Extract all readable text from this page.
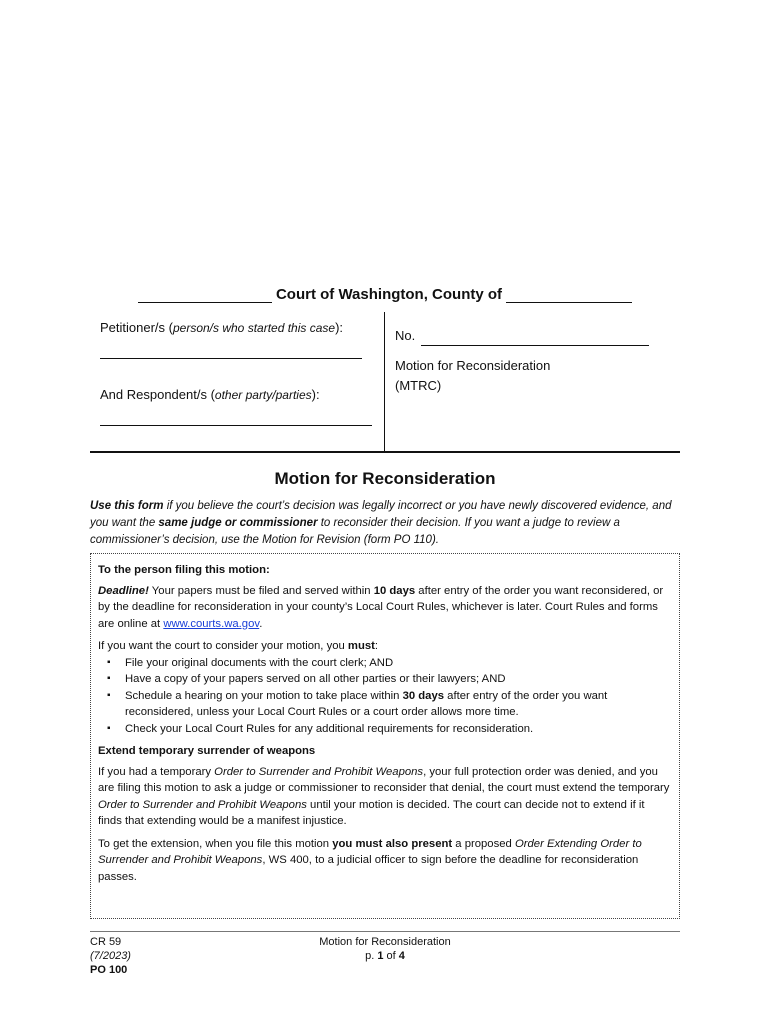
Court of Washington, County of
Petitioner/s (person/s who started this case):
And Respondent/s (other party/parties):
No.
Motion for Reconsideration
(MTRC)
Motion for Reconsideration
Use this form if you believe the court’s decision was legally incorrect or you have newly discovered evidence, and you want the same judge or commissioner to reconsider their decision. If you want a judge to review a commissioner’s decision, use the Motion for Revision (form PO 110).

To the person filing this motion:

Deadline! Your papers must be filed and served within 10 days after entry of the order you want reconsidered, or by the deadline for reconsideration in your county’s Local Court Rules, whichever is later. Court Rules and forms are online at www.courts.wa.gov.

If you want the court to consider your motion, you must:

▪ File your original documents with the court clerk; AND
▪ Have a copy of your papers served on all other parties or their lawyers; AND
▪ Schedule a hearing on your motion to take place within 30 days after entry of the order you want reconsidered, unless your Local Court Rules or a court order allows more time.
▪ Check your Local Court Rules for any additional requirements for reconsideration.

Extend temporary surrender of weapons

If you had a temporary Order to Surrender and Prohibit Weapons, your full protection order was denied, and you are filing this motion to ask a judge or commissioner to reconsider that denial, the court must extend the temporary Order to Surrender and Prohibit Weapons until your motion is decided. The court can decide not to extend if it finds that extending would be a manifest injustice.

To get the extension, when you file this motion you must also present a proposed Order Extending Order to Surrender and Prohibit Weapons, WS 400, to a judicial officer to sign before the deadline for reconsideration passes.

CR 59
(7/2023)
PO 100
Motion for Reconsideration
p. 1 of 4
